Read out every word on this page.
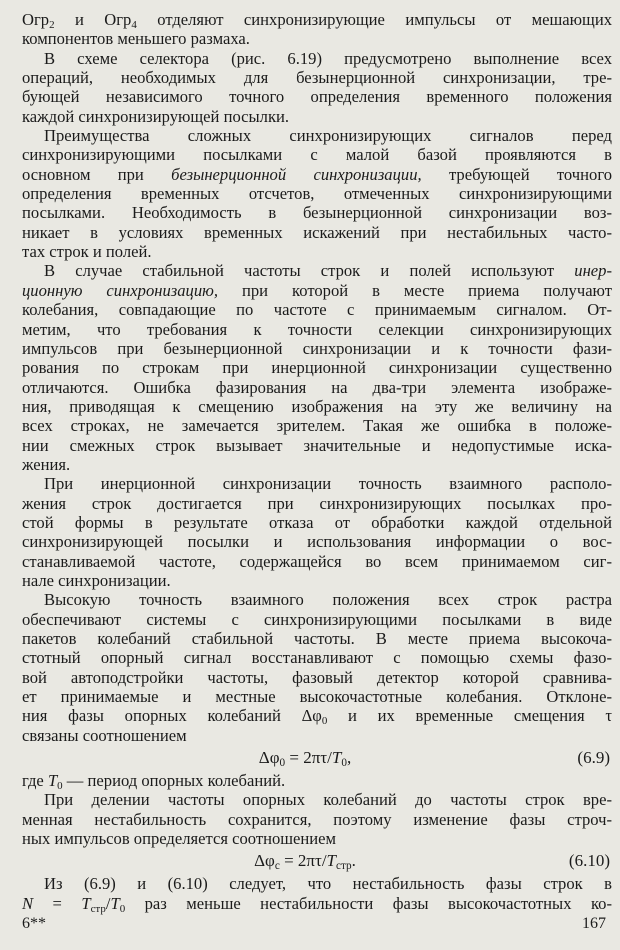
Огр$_2$ и Огр$_4$ отделяют синхронизирующие импульсы от мешающих
компонентов меньшего размаха.
В схеме селектора (рис. 6.19) предусмотрено выполнение всех
операций, необходимых для безынерционной синхронизации, тре-
бующей независимого точного определения временного положения
каждой синхронизирующей посылки.
Преимущества сложных синхронизирующих сигналов перед
синхронизирующими посылками с малой базой проявляются в
основном при безынерционной синхронизации, требующей точного
определения временных отсчетов, отмеченных синхронизирующими
посылками. Необходимость в безынерционной синхронизации воз-
никает в условиях временных искажений при нестабильных часто-
тах строк и полей.
В случае стабильной частоты строк и полей используют инер-
ционную синхронизацию, при которой в месте приема получают
колебания, совпадающие по частоте с принимаемым сигналом. От-
метим, что требования к точности селекции синхронизирующих
импульсов при безынерционной синхронизации и к точности фази-
рования по строкам при инерционной синхронизации существенно
отличаются. Ошибка фазирования на два-три элемента изображе-
ния, приводящая к смещению изображения на эту же величину на
всех строках, не замечается зрителем. Такая же ошибка в положе-
нии смежных строк вызывает значительные и недопустимые иска-
жения.
При инерционной синхронизации точность взаимного располо-
жения строк достигается при синхронизирующих посылках про-
стой формы в результате отказа от обработки каждой отдельной
синхронизирующей посылки и использования информации о вос-
станавливаемой частоте, содержащейся во всем принимаемом сиг-
нале синхронизации.
Высокую точность взаимного положения всех строк растра
обеспечивают системы с синхронизирующими посылками в виде
пакетов колебаний стабильной частоты. В месте приема высокоча-
стотный опорный сигнал восстанавливают с помощью схемы фазо-
вой автоподстройки частоты, фазовый детектор которой сравнива-
ет принимаемые и местные высокочастотные колебания. Отклоне-
ния фазы опорных колебаний $\Delta\varphi_0$ и их временные смещения τ
связаны соотношением
$\Delta\varphi_0 = 2\pi\tau/T_0$,	(6.9)
где $T_0$ — период опорных колебаний.
При делении частоты опорных колебаний до частоты строк вре-
менная нестабильность сохранится, поэтому изменение фазы строч-
ных импульсов определяется соотношением
$\Delta\varphi_с = 2\pi\tau/T_{стр}$.	(6.10)
Из (6.9) и (6.10) следует, что нестабильность фазы строк в
$N = T_{стр}/T_0$ раз меньше нестабильности фазы высокочастотных ко-
6**	167
